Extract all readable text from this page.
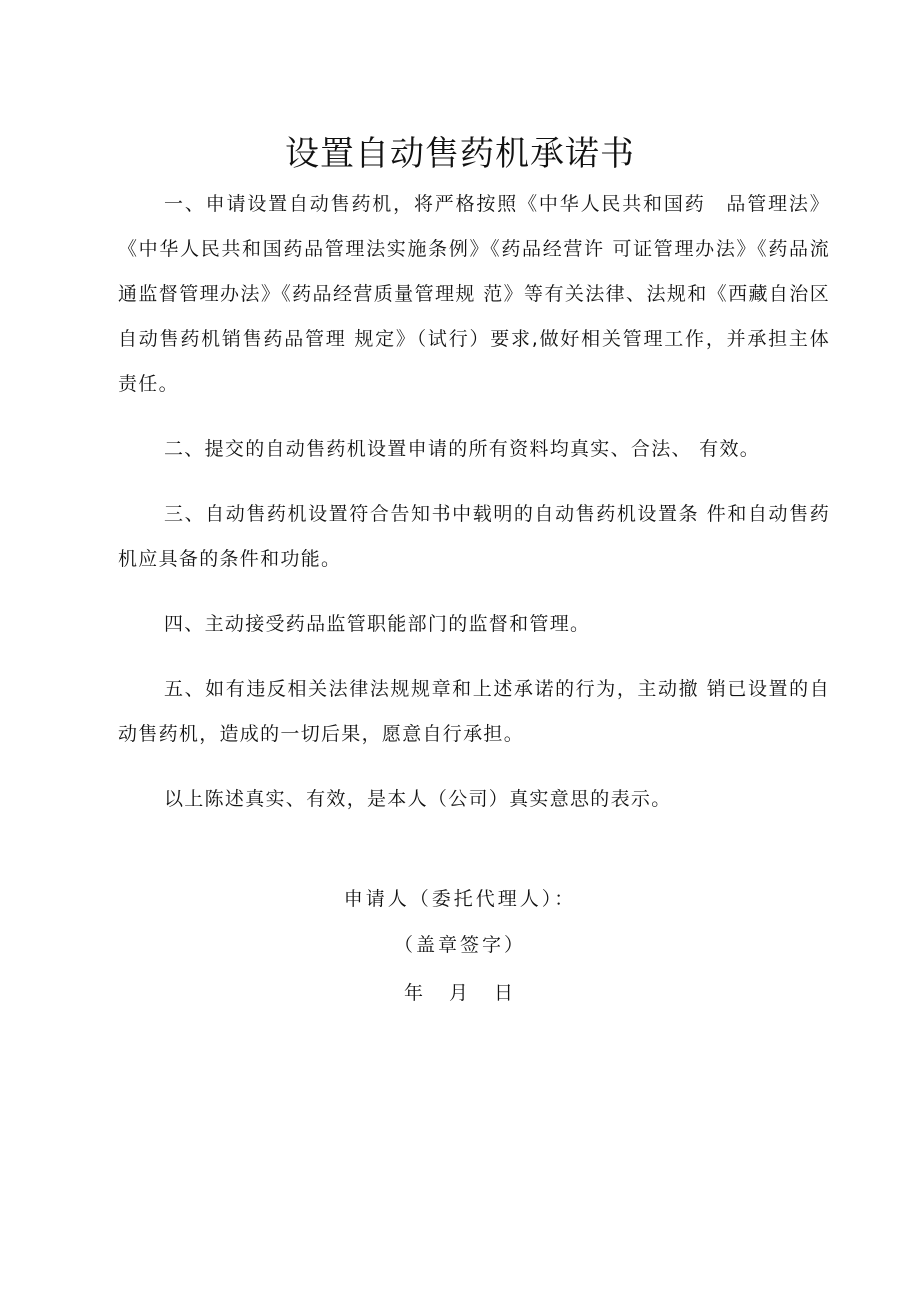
设置自动售药机承诺书

一、申请设置自动售药机，将严格按照《中华人民共和国药　品管理法》《中华人民共和国药品管理法实施条例》《药品经营许 可证管理办法》《药品流通监督管理办法》《药品经营质量管理规 范》等有关法律、法规和《西藏自治区自动售药机销售药品管理 规定》（试行）要求,做好相关管理工作，并承担主体责任。

二、提交的自动售药机设置申请的所有资料均真实、合法、 有效。

三、自动售药机设置符合告知书中载明的自动售药机设置条 件和自动售药机应具备的条件和功能。

四、主动接受药品监管职能部门的监督和管理。

五、如有违反相关法律法规规章和上述承诺的行为，主动撤 销已设置的自动售药机，造成的一切后果，愿意自行承担。

以上陈述真实、有效，是本人（公司）真实意思的表示。

申请人（委托代理人）：
（盖章签字）
年 月 日
